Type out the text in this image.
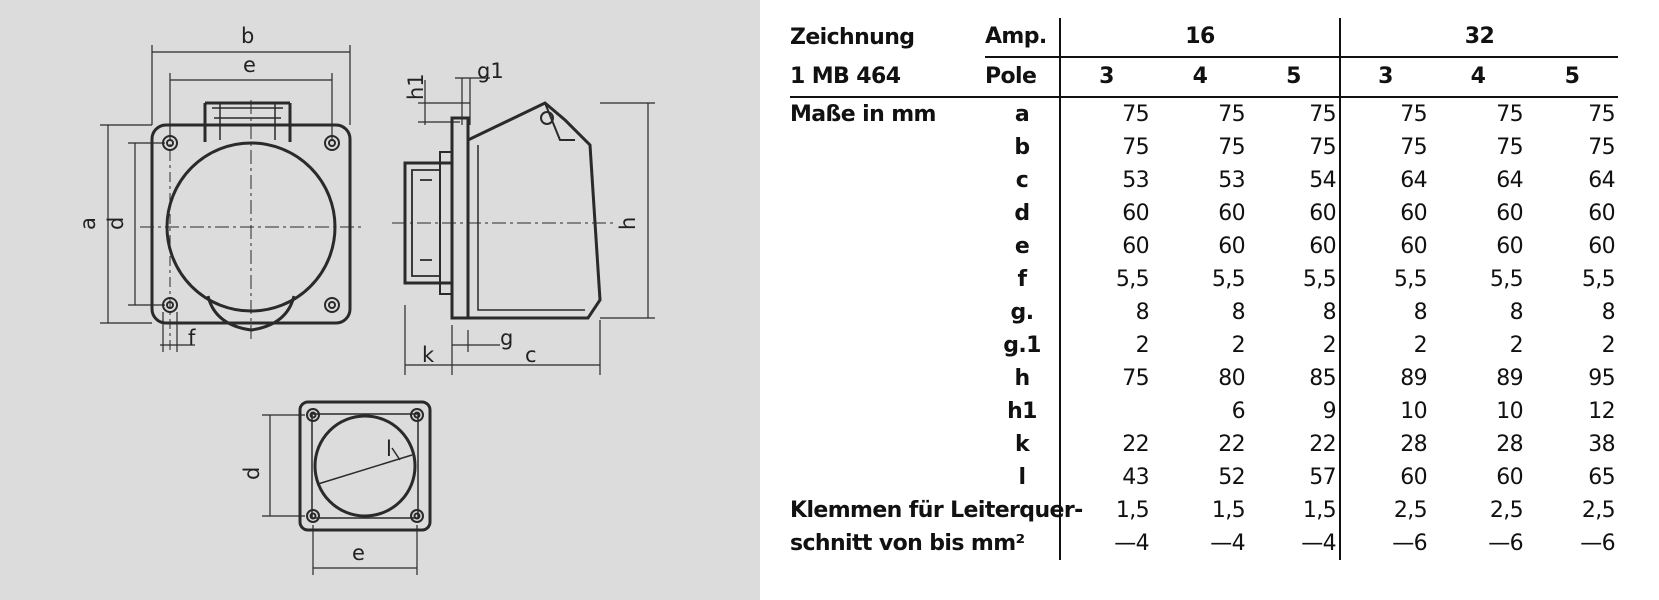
b
e
a d
f
g1
h1
h
k
g
c
d
e
l
Zeichnung	Amp.	16			32	
1 MB 464	Pole	3	4	5	3	4	5
Maße in mm	a	75	75	75	75	75	75
	b	75	75	75	75	75	75
	c	53	53	54	64	64	64
	d	60	60	60	60	60	60
	e	60	60	60	60	60	60
	f	5,5	5,5	5,5	5,5	5,5	5,5
	g.	8	8	8	8	8	8
	g.1	2	2	2	2	2	2
	h	75	80	85	89	89	95
	h1		6	9	10	10	12
	k	22	22	22	28	28	38
	l	43	52	57	60	60	65
Klemmen für Leiterquer-		1,5	1,5	1,5	2,5	2,5	2,5
schnitt von bis mm²		—4	—4	—4	—6	—6	—6
